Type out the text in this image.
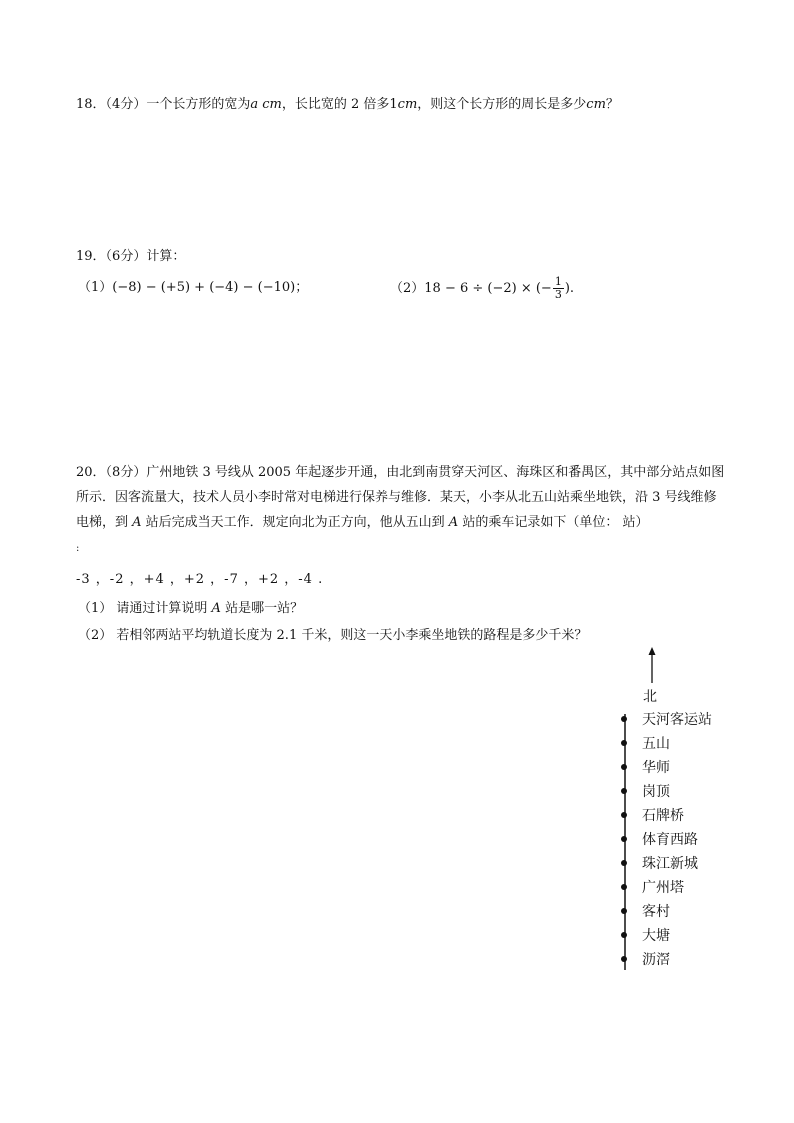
18．（4分）一个长方形的宽为a cm，长比宽的 2 倍多1cm，则这个长方形的周长是多少cm？
19．（6分）计算：
（1）(−8) − (+5) + (−4) − (−10)；	（2）18 − 6 ÷ (−2) × (− $\frac{1}{3}$ ).
20．（8分）广州地铁 3 号线从 2005 年起逐步开通，由北到南贯穿天河区、海珠区和番禺区，其中部分站点如图所示．因客流量大，技术人员小李时常对电梯进行保养与维修．某天，小李从北五山站乘坐地铁，沿 3 号线维修电梯，到 A 站后完成当天工作．规定向北为正方向，他从五山到 A 站的乘车记录如下（单位： 站）
:
-3 ，-2 ，+4 ，+2 ，-7 ，+2 ，-4 .
（1） 请通过计算说明 A 站是哪一站？
（2） 若相邻两站平均轨道长度为 2.1 千米，则这一天小李乘坐地铁的路程是多少千米？
北
天河客运站
五山
华师
岗顶
石牌桥
体育西路
珠江新城
广州塔
客村
大塘
沥滘
